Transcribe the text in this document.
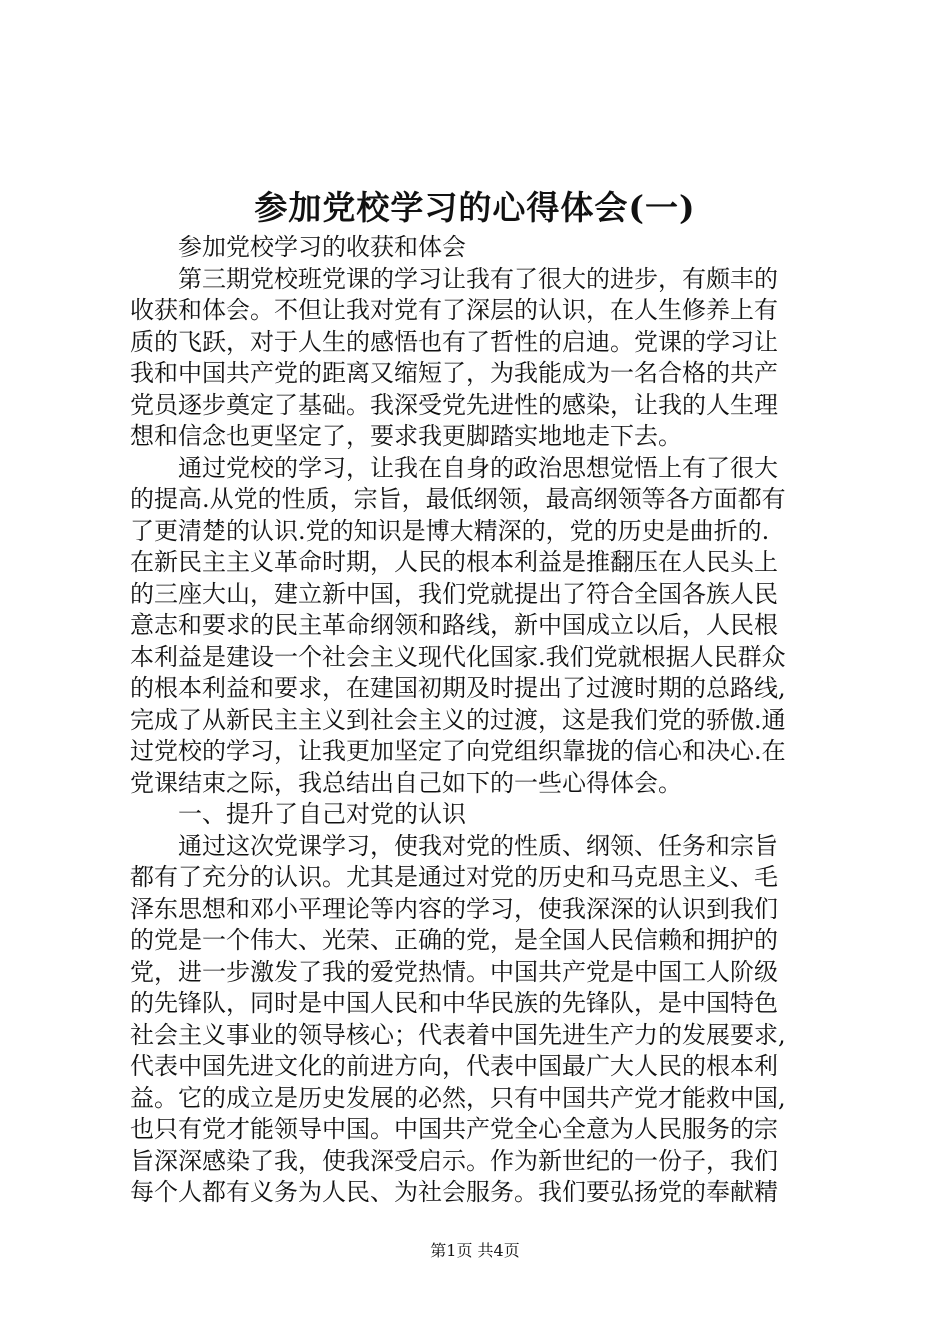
参加党校学习的心得体会(一)
参加党校学习的收获和体会
第三期党校班党课的学习让我有了很大的进步，有颇丰的
收获和体会。不但让我对党有了深层的认识，在人生修养上有
质的飞跃，对于人生的感悟也有了哲性的启迪。党课的学习让
我和中国共产党的距离又缩短了，为我能成为一名合格的共产
党员逐步奠定了基础。我深受党先进性的感染，让我的人生理
想和信念也更坚定了，要求我更脚踏实地地走下去。
通过党校的学习，让我在自身的政治思想觉悟上有了很大
的提高.从党的性质，宗旨，最低纲领，最高纲领等各方面都有
了更清楚的认识.党的知识是博大精深的，党的历史是曲折的.
在新民主主义革命时期，人民的根本利益是推翻压在人民头上
的三座大山，建立新中国，我们党就提出了符合全国各族人民
意志和要求的民主革命纲领和路线，新中国成立以后，人民根
本利益是建设一个社会主义现代化国家.我们党就根据人民群众
的根本利益和要求，在建国初期及时提出了过渡时期的总路线,
完成了从新民主主义到社会主义的过渡，这是我们党的骄傲.通
过党校的学习，让我更加坚定了向党组织靠拢的信心和决心.在
党课结束之际，我总结出自己如下的一些心得体会。
一、提升了自己对党的认识
通过这次党课学习，使我对党的性质、纲领、任务和宗旨
都有了充分的认识。尤其是通过对党的历史和马克思主义、毛
泽东思想和邓小平理论等内容的学习，使我深深的认识到我们
的党是一个伟大、光荣、正确的党，是全国人民信赖和拥护的
党，进一步激发了我的爱党热情。中国共产党是中国工人阶级
的先锋队，同时是中国人民和中华民族的先锋队，是中国特色
社会主义事业的领导核心；代表着中国先进生产力的发展要求,
代表中国先进文化的前进方向，代表中国最广大人民的根本利
益。它的成立是历史发展的必然，只有中国共产党才能救中国,
也只有党才能领导中国。中国共产党全心全意为人民服务的宗
旨深深感染了我，使我深受启示。作为新世纪的一份子，我们
每个人都有义务为人民、为社会服务。我们要弘扬党的奉献精
第1页 共4页
